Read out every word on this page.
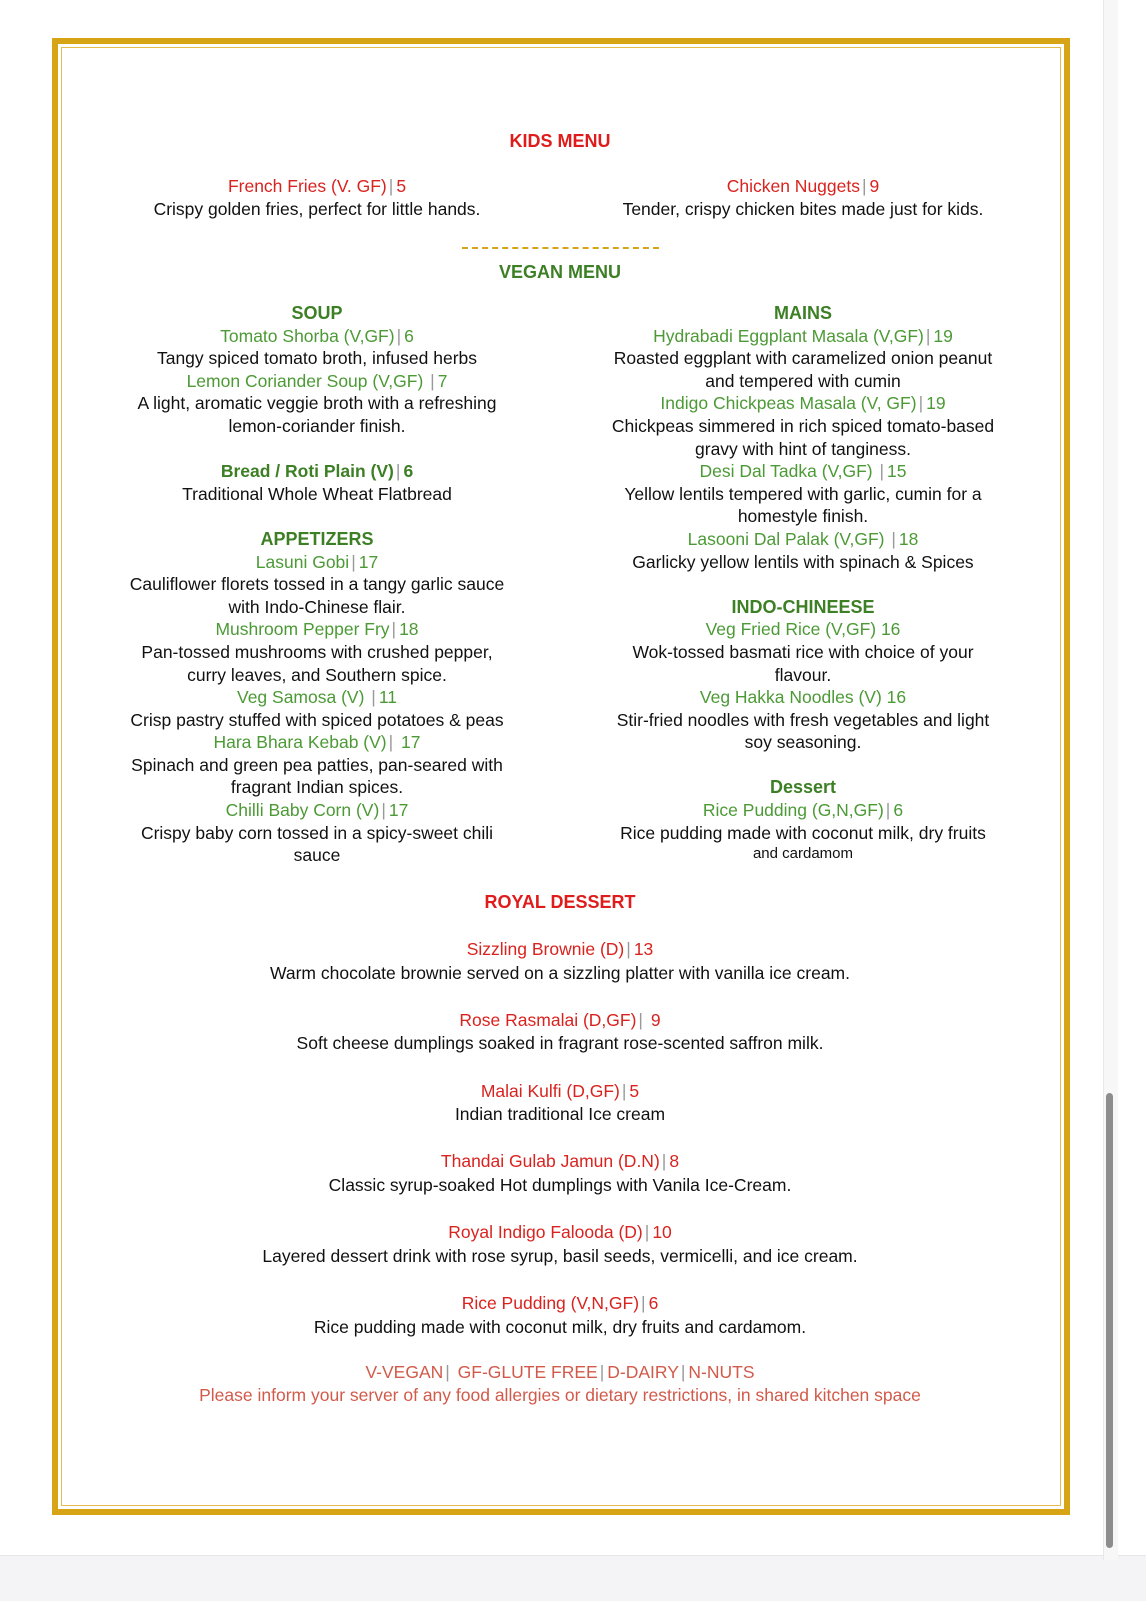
KIDS MENU
French Fries (V. GF) | 5
Crispy golden fries, perfect for little hands.
Chicken Nuggets | 9
Tender, crispy chicken bites made just for kids.
VEGAN MENU
SOUP
Tomato Shorba (V,GF) | 6
Tangy spiced tomato broth, infused herbs
Lemon Coriander Soup (V,GF) | 7
A light, aromatic veggie broth with a refreshing
lemon-coriander finish.
Bread / Roti Plain (V) | 6
Traditional Whole Wheat Flatbread
APPETIZERS
Lasuni Gobi | 17
Cauliflower florets tossed in a tangy garlic sauce
with Indo-Chinese flair.
Mushroom Pepper Fry | 18
Pan-tossed mushrooms with crushed pepper,
curry leaves, and Southern spice.
Veg Samosa (V) | 11
Crisp pastry stuffed with spiced potatoes & peas
Hara Bhara Kebab (V) | 17
Spinach and green pea patties, pan-seared with
fragrant Indian spices.
Chilli Baby Corn (V) | 17
Crispy baby corn tossed in a spicy-sweet chili
sauce
MAINS
Hydrabadi Eggplant Masala (V,GF) | 19
Roasted eggplant with caramelized onion peanut
and tempered with cumin
Indigo Chickpeas Masala (V, GF) | 19
Chickpeas simmered in rich spiced tomato-based
gravy with hint of tanginess.
Desi Dal Tadka (V,GF) | 15
Yellow lentils tempered with garlic, cumin for a
homestyle finish.
Lasooni Dal Palak (V,GF) | 18
Garlicky yellow lentils with spinach & Spices
INDO-CHINEESE
Veg Fried Rice (V,GF) 16
Wok-tossed basmati rice with choice of your
flavour.
Veg Hakka Noodles (V) 16
Stir-fried noodles with fresh vegetables and light
soy seasoning.
Dessert
Rice Pudding (G,N,GF) | 6
Rice pudding made with coconut milk, dry fruits
and cardamom
ROYAL DESSERT
Sizzling Brownie (D) | 13
Warm chocolate brownie served on a sizzling platter with vanilla ice cream.
Rose Rasmalai (D,GF) | 9
Soft cheese dumplings soaked in fragrant rose-scented saffron milk.
Malai Kulfi (D,GF) | 5
Indian traditional Ice cream
Thandai Gulab Jamun (D.N) | 8
Classic syrup-soaked Hot dumplings with Vanila Ice-Cream.
Royal Indigo Falooda (D) | 10
Layered dessert drink with rose syrup, basil seeds, vermicelli, and ice cream.
Rice Pudding (V,N,GF) | 6
Rice pudding made with coconut milk, dry fruits and cardamom.
V-VEGAN | GF-GLUTE FREE | D-DAIRY | N-NUTS
Please inform your server of any food allergies or dietary restrictions, in shared kitchen space
